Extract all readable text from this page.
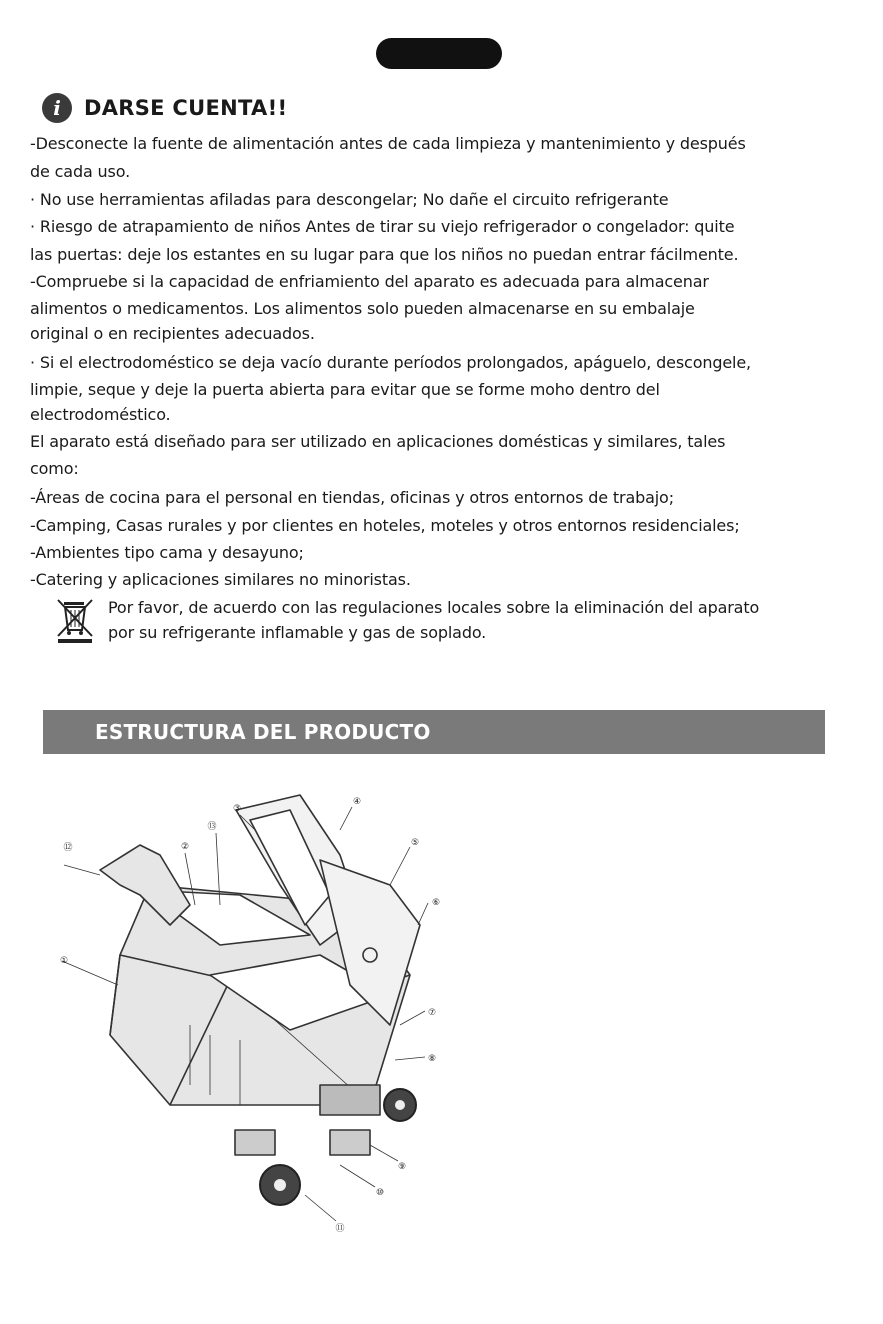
i	DARSE CUENTA!!
-Desconecte la fuente de alimentación antes de cada limpieza y mantenimiento y después
de cada uso.
· No use herramientas afiladas para descongelar; No dañe el circuito refrigerante
· Riesgo de atrapamiento de niños Antes de tirar su viejo refrigerador o congelador: quite
las puertas: deje los estantes en su lugar para que los niños no puedan entrar fácilmente.
-Compruebe si la capacidad de enfriamiento del aparato es adecuada para almacenar
alimentos o medicamentos. Los alimentos solo pueden almacenarse en su embalaje
original o en recipientes adecuados.
· Si el electrodoméstico se deja vacío durante períodos prolongados, apáguelo, descongele,
limpie, seque y deje la puerta abierta para evitar que se forme moho dentro del
electrodoméstico.
El aparato está diseñado para ser utilizado en aplicaciones domésticas y similares, tales
como:
-Áreas de cocina para el personal en tiendas, oficinas y otros entornos de trabajo;
-Camping, Casas rurales y por clientes en hoteles, moteles y otros entornos residenciales;
-Ambientes tipo cama y desayuno;
-Catering y aplicaciones similares no minoristas.
Por favor, de acuerdo con las regulaciones locales sobre la eliminación del aparato
por su refrigerante inflamable y gas de soplado.
ESTRUCTURA DEL PRODUCTO
①
②
③
④
⑤
⑥
⑦
⑧
⑨
⑩
⑪
⑫
⑬
